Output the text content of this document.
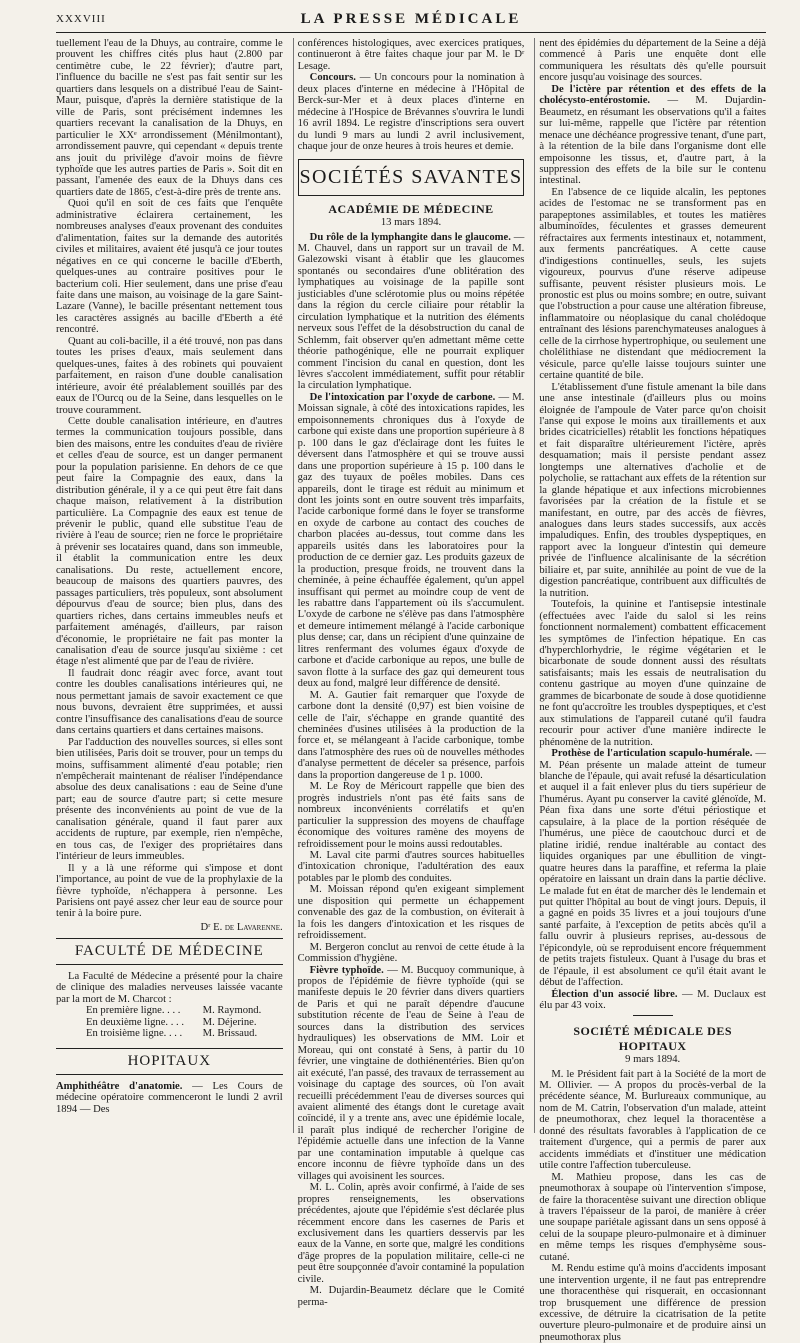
XXXVIII	LA PRESSE MÉDICALE

tuellement l'eau de la Dhuys, au contraire, comme le prouvent les chiffres cités plus haut (2.800 par centimètre cube, le 22 février); d'autre part, l'influence du bacille ne s'est pas fait sentir sur les quartiers dans lesquels on a distribué l'eau de Saint-Maur, puisque, d'après la dernière statistique de la ville de Paris, sont précisément indemnes les quartiers recevant la canalisation de la Dhuys, en particulier le XXᵉ arrondissement (Ménilmontant), arrondissement pauvre, qui cependant « depuis trente ans jouit du privilège d'avoir moins de fièvre typhoïde que les autres parties de Paris ». Soit dit en passant, l'amenée des eaux de la Dhuys dans ces quartiers date de 1865, c'est-à-dire près de trente ans.

Quoi qu'il en soit de ces faits que l'enquête administrative éclairera certainement, les nombreuses analyses d'eaux provenant des conduites d'alimentation, faites sur la demande des autorités civiles et militaires, avaient été jusqu'à ce jour toutes négatives en ce qui concerne le bacille d'Eberth, quelques-unes au contraire positives pour le bacterium coli. Hier seulement, dans une prise d'eau faite dans une maison, au voisinage de la gare Saint-Lazare (Vanne), le bacille présentant nettement tous les caractères assignés au bacille d'Eberth a été rencontré.

Quant au coli-bacille, il a été trouvé, non pas dans toutes les prises d'eaux, mais seulement dans quelques-unes, faites à des robinets qui pouvaient parfaitement, en raison d'une double canalisation intérieure, avoir été préalablement souillés par des eaux de l'Ourcq ou de la Seine, dans lesquelles on le trouve couramment.

Cette double canalisation intérieure, en d'autres termes la communication toujours possible, dans bien des maisons, entre les conduites d'eau de rivière et celles d'eau de source, est un danger permanent pour la population parisienne. En dehors de ce que peut faire la Compagnie des eaux, dans la distribution générale, il y a ce qui peut être fait dans chaque maison, relativement à la distribution particulière. La Compagnie des eaux est tenue de prévenir le public, quand elle substitue l'eau de rivière à l'eau de source; rien ne force le propriétaire à prévenir ses locataires quand, dans son immeuble, il établit la communication entre les deux canalisations. Du reste, actuellement encore, beaucoup de maisons des quartiers pauvres, des passages particuliers, très populeux, sont absolument dépourvus d'eau de source; bien plus, dans des quartiers riches, dans certains immeubles neufs et parfaitement aménagés, d'ailleurs, par raison d'économie, le propriétaire ne fait pas monter la canalisation d'eau de source jusqu'au sixième : cet étage n'est alimenté que par de l'eau de rivière.

Il faudrait donc réagir avec force, avant tout contre les doubles canalisations intérieures qui, ne nous permettant jamais de savoir exactement ce que nous buvons, devraient être supprimées, et aussi contre l'insuffisance des canalisations d'eau de source dans certains quartiers et dans certaines maisons.

Par l'adduction des nouvelles sources, si elles sont bien utilisées, Paris doit se trouver, pour un temps du moins, suffisamment alimenté d'eau potable; rien n'empêcherait maintenant de réaliser l'indépendance absolue des deux canalisations : eau de Seine d'une part; eau de source d'autre part; si cette mesure présente des inconvénients au point de vue de la canalisation générale, quand il faut parer aux accidents de rupture, par exemple, rien n'empêche, en tous cas, de l'exiger des propriétaires dans l'intérieur de leurs immeubles.

Il y a là une réforme qui s'impose et dont l'importance, au point de vue de la prophylaxie de la fièvre typhoïde, n'échappera à personne. Les Parisiens ont payé assez cher leur eau de source pour tenir à la boire pure.

Dʳ E. de Lavarenne.
FACULTÉ DE MÉDECINE

La Faculté de Médecine a présenté pour la chaire de clinique des maladies nerveuses laissée vacante par la mort de M. Charcot :

En première ligne. . . . M. Raymond.
En deuxième ligne. . . . M. Déjerine.
En troisième ligne. . . . M. Brissaud.
HOPITAUX

Amphithéâtre d'anatomie. — Les Cours de médecine opératoire commenceront le lundi 2 avril 1894 — Des

conférences histologiques, avec exercices pratiques, continueront à être faites chaque jour par M. le Dʳ Lesage.

Concours. — Un concours pour la nomination à deux places d'interne en médecine à l'Hôpital de Berck-sur-Mer et à deux places d'interne en médecine à l'Hospice de Brévannes s'ouvrira le lundi 16 avril 1894. Le registre d'inscriptions sera ouvert du lundi 9 mars au lundi 2 avril inclusivement, chaque jour de onze heures à trois heures et demie.

SOCIÉTÉS SAVANTES
ACADÉMIE DE MÉDECINE
13 mars 1894.

Du rôle de la lymphangite dans le glaucome. — M. Chauvel, dans un rapport sur un travail de M. Galezowski visant à établir que les glaucomes spontanés ou secondaires d'une oblitération des lymphatiques au voisinage de la papille sont justiciables d'une sclérotomie plus ou moins répétée dans la région du cercle ciliaire pour rétablir la circulation lymphatique et la nutrition des éléments nerveux sous l'effet de la désobstruction du canal de Schlemm, fait observer qu'en admettant même cette théorie pathogénique, elle ne pourrait expliquer comment l'incision du canal en question, dont les lèvres s'accolent immédiatement, suffit pour rétablir la circulation lymphatique.

De l'intoxication par l'oxyde de carbone. — M. Moissan signale, à côté des intoxications rapides, les empoisonnements chroniques dus à l'oxyde de carbone qui existe dans une proportion supérieure à 8 p. 100 dans le gaz d'éclairage dont les fuites le déversent dans l'atmosphère et qui se trouve aussi dans une proportion supérieure à 15 p. 100 dans le gaz des tuyaux de poêles mobiles. Dans ces appareils, dont le tirage est réduit au minimum et dont les joints sont en outre souvent très imparfaits, l'acide carbonique formé dans le foyer se transforme en oxyde de carbone au contact des couches de charbon placées au-dessus, tout comme dans les appareils usités dans les laboratoires pour la production de ce dernier gaz. Les produits gazeux de la production, presque froids, ne trouvent dans la cheminée, à peine échauffée également, qu'un appel insuffisant qui permet au moindre coup de vent de les rabattre dans l'appartement où ils s'accumulent. L'oxyde de carbone ne s'élève pas dans l'atmosphère et demeure intimement mélangé à l'acide carbonique plus dense; car, dans un récipient d'une quinzaine de litres renfermant des volumes égaux d'oxyde de carbone et d'acide carbonique au repos, une bulle de savon flotte à la surface des gaz qui demeurent tous deux au fond, malgré leur différence de densité.

M. A. Gautier fait remarquer que l'oxyde de carbone dont la densité (0,97) est bien voisine de celle de l'air, s'échappe en grande quantité des cheminées d'usines utilisées à la production de la force et, se mélangeant à l'acide carbonique, tombe dans l'atmosphère des rues où de nouvelles méthodes d'analyse permettent de déceler sa présence, parfois dans la proportion dangereuse de 1 p. 1000.

M. Le Roy de Méricourt rappelle que bien des progrès industriels n'ont pas été faits sans de nombreux inconvénients corrélatifs et qu'en particulier la suppression des moyens de chauffage économique des voitures ramène des moyens de refroidissement pour le moins aussi redoutables.

M. Laval cite parmi d'autres sources habituelles d'intoxication chronique, l'adultération des eaux potables par le plomb des conduites.

M. Moissan répond qu'en exigeant simplement une disposition qui permette un échappement convenable des gaz de la combustion, on éviterait à la fois les dangers d'intoxication et les risques de refroidissement.

M. Bergeron conclut au renvoi de cette étude à la Commission d'hygiène.

Fièvre typhoïde. — M. Bucquoy communique, à propos de l'épidémie de fièvre typhoïde (qui se manifeste depuis le 20 février dans divers quartiers de Paris et qui ne paraît dépendre d'aucune substitution récente de l'eau de Seine à l'eau de sources dans la distribution des services hydrauliques) les observations de MM. Loir et Moreau, qui ont constaté à Sens, à partir du 10 février, une vingtaine de dothiénentéries. Bien qu'on ait exécuté, l'an passé, des travaux de terrassement au voisinage du captage des sources, où l'on avait recueilli précédemment l'eau de diverses sources qui avaient alimenté des étangs dont le curetage avait coïncidé, il y a trente ans, avec une épidémie locale, il paraît plus indiqué de rechercher l'origine de l'épidémie actuelle dans une infection de la Vanne par une contamination imputable à quelque cas encore inconnu de fièvre typhoïde dans un des villages qui avoisinent les sources.

M. L. Colin, après avoir confirmé, à l'aide de ses propres renseignements, les observations précédentes, ajoute que l'épidémie s'est déclarée plus récemment encore dans les casernes de Paris et exclusivement dans les quartiers desservis par les eaux de la Vanne, en sorte que, malgré les conditions d'âge propres de la population militaire, celle-ci ne peut être soupçonnée d'avoir contaminé la population civile.

M. Dujardin-Beaumetz déclare que le Comité perma-

nent des épidémies du département de la Seine a déjà commencé à Paris une enquête dont elle communiquera les résultats dès qu'elle poursuit encore jusqu'au voisinage des sources.

De l'ictère par rétention et des effets de la cholécysto-entérostomie. — M. Dujardin-Beaumetz, en résumant les observations qu'il a faites sur lui-même, rappelle que l'ictère par rétention menace une déchéance progressive tenant, d'une part, à la rétention de la bile dans l'organisme dont elle empoisonne les tissus, et, d'autre part, à la suppression des effets de la bile sur le contenu intestinal.

En l'absence de ce liquide alcalin, les peptones acides de l'estomac ne se transforment pas en parapeptones assimilables, et toutes les matières albuminoïdes, féculentes et grasses demeurent réfractaires aux ferments intestinaux et, notamment, aux ferments pancréatiques. A cette cause d'indigestions continuelles, seuls, les sujets vigoureux, pourvus d'une réserve adipeuse suffisante, peuvent résister plusieurs mois. Le pronostic est plus ou moins sombre; en outre, suivant que l'obstruction a pour cause une altération fibreuse, inflammatoire ou néoplasique du canal cholédoque entraînant des lésions parenchymateuses analogues à celle de la cirrhose hypertrophique, ou seulement une cholélithiase ne distendant que médiocrement la vésicule, parce qu'elle laisse toujours suinter une certaine quantité de bile.

L'établissement d'une fistule amenant la bile dans une anse intestinale (d'ailleurs plus ou moins éloignée de l'ampoule de Vater parce qu'on choisit l'anse qui expose le moins aux tiraillements et aux brides cicatricielles) rétablit les fonctions hépatiques et fait disparaître ultérieurement l'ictère, après desquamation; mais il persiste pendant assez longtemps une alternatives d'acholie et de polycholie, se rattachant aux effets de la rétention sur la glande hépatique et aux infections microbiennes favorisées par la création de la fistule et se manifestant, en outre, par des accès de fièvres, analogues dans leurs stades successifs, aux accès impaludiques. Enfin, des troubles dyspeptiques, en rapport avec la longueur d'intestin qui demeure privée de l'influence alcalinisante de la sécrétion biliaire et, par suite, annihilée au point de vue de la digestion pancréatique, contribuent aux difficultés de la nutrition.

Toutefois, la quinine et l'antisepsie intestinale (effectuées avec l'aide du salol si les reins fonctionnent normalement) combattent efficacement les symptômes de l'infection hépatique. En cas d'hyperchlorhydrie, le régime végétarien et le bicarbonate de soude donnent aussi des résultats satisfaisants; mais les essais de neutralisation du contenu gastrique au moyen d'une quinzaine de grammes de bicarbonate de soude à dose quotidienne ne font qu'accroître les troubles dyspeptiques, et c'est aux stimulations de l'appareil cutané qu'il faudra recourir pour activer d'une manière indirecte le phénomène de la nutrition.

Prothèse de l'articulation scapulo-humérale. — M. Péan présente un malade atteint de tumeur blanche de l'épaule, qui avait refusé la désarticulation et auquel il a fait enlever plus du tiers supérieur de l'humérus. Ayant pu conserver la cavité glénoïde, M. Péan fixa dans une sorte d'étui périostique et capsulaire, à la place de la portion réséquée de l'humérus, une pièce de caoutchouc durci et de platine iridié, rendue inaltérable au contact des liquides organiques par une ébullition de vingt-quatre heures dans la paraffine, et referma la plaie opératoire en laissant un drain dans la partie déclive. Le malade fut en état de marcher dès le lendemain et put quitter l'hôpital au bout de vingt jours. Depuis, il a gagné en poids 35 livres et a joui toujours d'une santé parfaite, à l'exception de petits abcès qu'il a fallu ouvrir à plusieurs reprises, au-dessous de l'épicondyle, où se reproduisent encore fréquemment de petits trajets fistuleux. Quant à l'usage du bras et de l'épaule, il est absolument ce qu'il était avant le début de l'affection.

Élection d'un associé libre. — M. Duclaux est élu par 43 voix.

SOCIÉTÉ MÉDICALE DES HOPITAUX
9 mars 1894.

M. le Président fait part à la Société de la mort de M. Ollivier. — A propos du procès-verbal de la précédente séance, M. Burlureaux communique, au nom de M. Catrin, l'observation d'un malade, atteint de pneumothorax, chez lequel la thoracentèse a donné des résultats favorables à l'application de ce traitement d'urgence, qui a permis de parer aux accidents immédiats et d'instituer une médication utile contre l'affection tuberculeuse.

M. Mathieu propose, dans les cas de pneumothorax à soupape où l'intervention s'impose, de faire la thoracentèse suivant une direction oblique à travers l'épaisseur de la paroi, de manière à créer une soupape pariétale agissant dans un sens opposé à celui de la soupape pleuro-pulmonaire et à diminuer en même temps les risques d'emphysème sous-cutané.

M. Rendu estime qu'à moins d'accidents imposant une intervention urgente, il ne faut pas entreprendre une thoracenthèse qui risquerait, en occasionnant trop brusquement une différence de pression excessive, de détruire la cicatrisation de la petite ouverture pleuro-pulmonaire et de produire ainsi un pneumothorax plus
